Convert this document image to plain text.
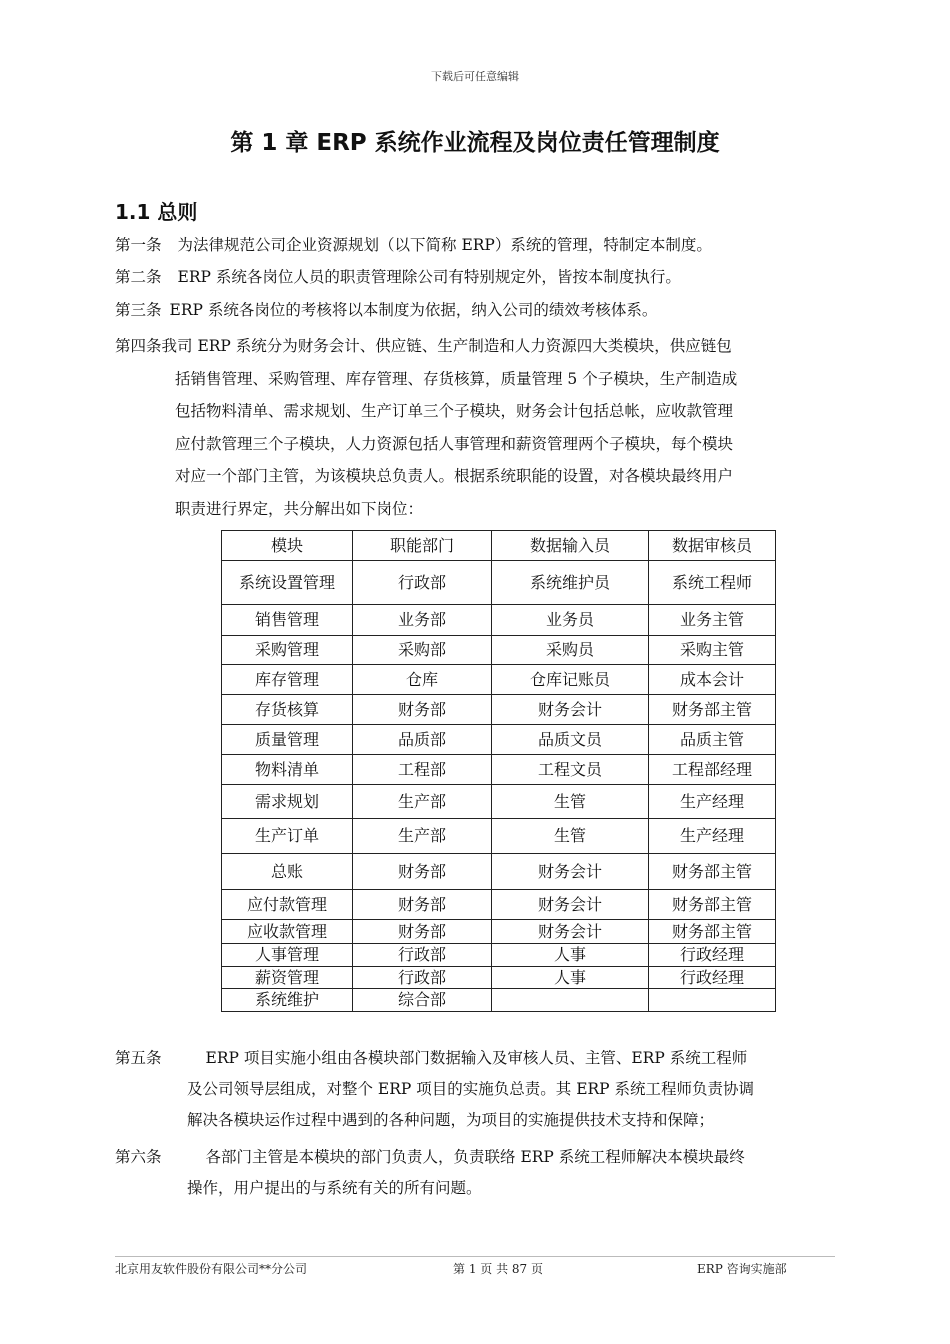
下载后可任意编辑
第 1 章 ERP 系统作业流程及岗位责任管理制度
1.1 总则
第一条 为法律规范公司企业资源规划（以下简称 ERP）系统的管理，特制定本制度。
第二条 ERP 系统各岗位人员的职责管理除公司有特别规定外，皆按本制度执行。
第三条 ERP 系统各岗位的考核将以本制度为依据，纳入公司的绩效考核体系。
第四条我司 ERP 系统分为财务会计、供应链、生产制造和人力资源四大类模块，供应链包
括销售管理、采购管理、库存管理、存货核算，质量管理 5 个子模块，生产制造成
包括物料清单、需求规划、生产订单三个子模块，财务会计包括总帐，应收款管理
应付款管理三个子模块，人力资源包括人事管理和薪资管理两个子模块，每个模块
对应一个部门主管，为该模块总负责人。根据系统职能的设置，对各模块最终用户
职责进行界定，共分解出如下岗位：
模块	职能部门	数据输入员	数据审核员
系统设置管理	行政部	系统维护员	系统工程师
销售管理	业务部	业务员	业务主管
采购管理	采购部	采购员	采购主管
库存管理	仓库	仓库记账员	成本会计
存货核算	财务部	财务会计	财务部主管
质量管理	品质部	品质文员	品质主管
物料清单	工程部	工程文员	工程部经理
需求规划	生产部	生管	生产经理
生产订单	生产部	生管	生产经理
总账	财务部	财务会计	财务部主管
应付款管理	财务部	财务会计	财务部主管
应收款管理	财务部	财务会计	财务部主管
人事管理	行政部	人事	行政经理
薪资管理	行政部	人事	行政经理
系统维护	综合部		
第五条	ERP 项目实施小组由各模块部门数据输入及审核人员、主管、ERP 系统工程师
及公司领导层组成，对整个 ERP 项目的实施负总责。其 ERP 系统工程师负责协调
解决各模块运作过程中遇到的各种问题，为项目的实施提供技术支持和保障；
第六条	各部门主管是本模块的部门负责人，负责联络 ERP 系统工程师解决本模块最终
操作，用户提出的与系统有关的所有问题。
北京用友软件股份有限公司**分公司	第 1 页 共 87 页	ERP 咨询实施部
